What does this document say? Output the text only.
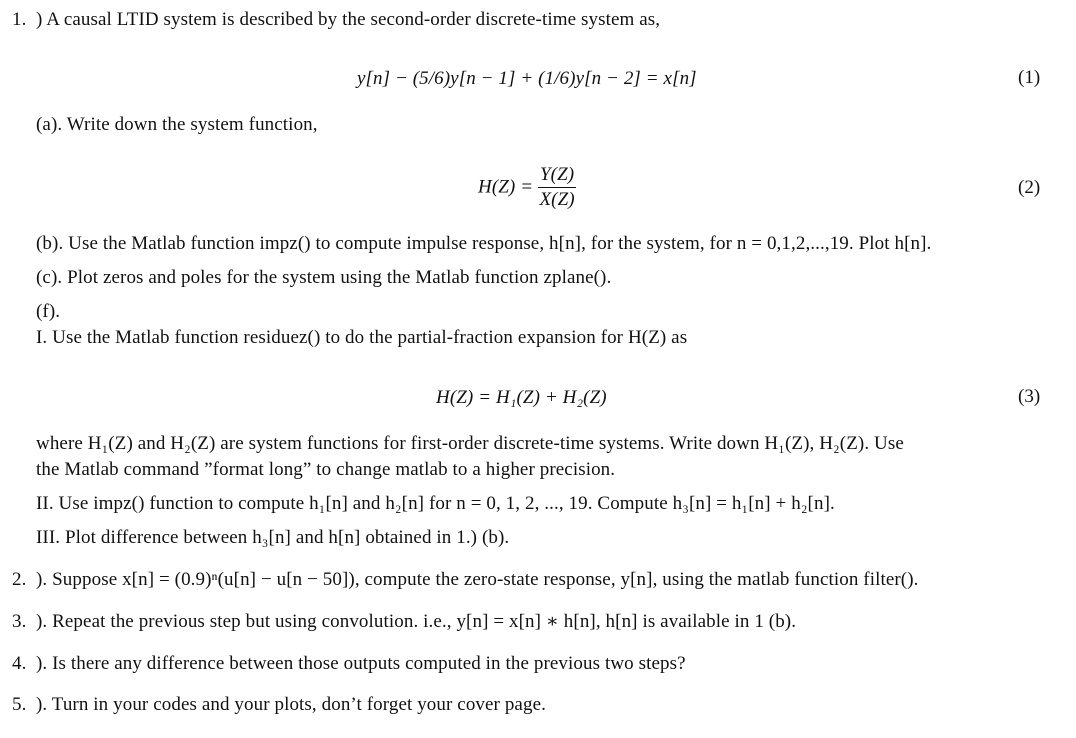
1. ) A causal LTID system is described by the second-order discrete-time system as,
y[n] − (5/6)y[n − 1] + (1/6)y[n − 2] = x[n]	(1)
(a). Write down the system function,
$H(Z) = \frac{Y(Z)}{X(Z)}$	(2)
(b). Use the Matlab function impz() to compute impulse response, h[n], for the system, for n = 0,1,2,...,19. Plot h[n].
(c). Plot zeros and poles for the system using the Matlab function zplane().
(f).
I. Use the Matlab function residuez() to do the partial-fraction expansion for H(Z) as
H(Z) = H₁(Z) + H₂(Z)	(3)
where H₁(Z) and H₂(Z) are system functions for first-order discrete-time systems. Write down H₁(Z), H₂(Z). Use
the Matlab command ”format long” to change matlab to a higher precision.
II. Use impz() function to compute h₁[n] and h₂[n] for n = 0, 1, 2, ..., 19. Compute h₃[n] = h₁[n] + h₂[n].
III. Plot difference between h₃[n] and h[n] obtained in 1.) (b).
2. ). Suppose x[n] = (0.9)ⁿ(u[n] − u[n − 50]), compute the zero-state response, y[n], using the matlab function filter().
3. ). Repeat the previous step but using convolution. i.e., y[n] = x[n] ∗ h[n], h[n] is available in 1 (b).
4. ). Is there any difference between those outputs computed in the previous two steps?
5. ). Turn in your codes and your plots, don’t forget your cover page.
